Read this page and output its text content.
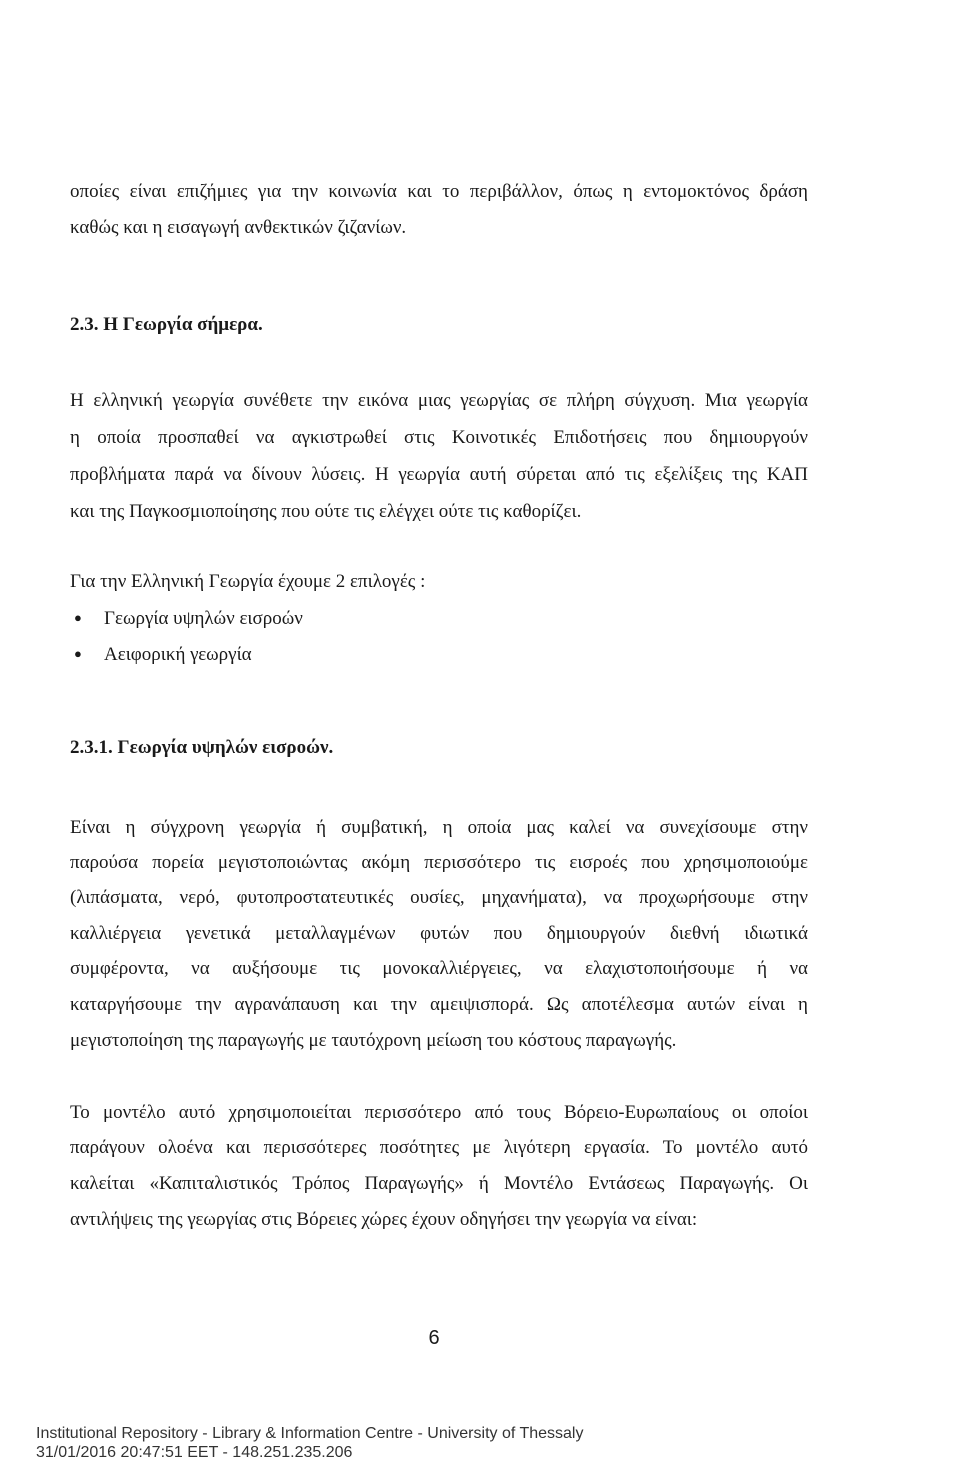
οποίες είναι επιζήμιες για την κοινωνία και το περιβάλλον, όπως η εντομοκτόνος δράση
καθώς και η εισαγωγή ανθεκτικών ζιζανίων.
2.3. Η Γεωργία σήμερα.
Η ελληνική γεωργία συνέθετε την εικόνα μιας γεωργίας σε πλήρη σύγχυση. Μια γεωργία
η οποία προσπαθεί να αγκιστρωθεί στις Κοινοτικές Επιδοτήσεις που δημιουργούν
προβλήματα παρά να δίνουν λύσεις. Η γεωργία αυτή σύρεται από τις εξελίξεις της ΚΑΠ
και της Παγκοσμιοποίησης που ούτε τις ελέγχει ούτε τις καθορίζει.
Για την Ελληνική Γεωργία έχουμε 2 επιλογές :
● Γεωργία υψηλών εισροών
● Αειφορική γεωργία
2.3.1. Γεωργία υψηλών εισροών.
Είναι η σύγχρονη γεωργία ή συμβατική, η οποία μας καλεί να συνεχίσουμε στην
παρούσα πορεία μεγιστοποιώντας ακόμη περισσότερο τις εισροές που χρησιμοποιούμε
(λιπάσματα, νερό, φυτοπροστατευτικές ουσίες, μηχανήματα), να προχωρήσουμε στην
καλλιέργεια γενετικά μεταλλαγμένων φυτών που δημιουργούν διεθνή ιδιωτικά
συμφέροντα, να αυξήσουμε τις μονοκαλλιέργειες, να ελαχιστοποιήσουμε ή να
καταργήσουμε την αγρανάπαυση και την αμειψισπορά. Ως αποτέλεσμα αυτών είναι η
μεγιστοποίηση της παραγωγής με ταυτόχρονη μείωση του κόστους παραγωγής.
Το μοντέλο αυτό χρησιμοποιείται περισσότερο από τους Βόρειο-Ευρωπαίους οι οποίοι
παράγουν ολοένα και περισσότερες ποσότητες με λιγότερη εργασία. Το μοντέλο αυτό
καλείται «Καπιταλιστικός Τρόπος Παραγωγής» ή Μοντέλο Εντάσεως Παραγωγής. Οι
αντιλήψεις της γεωργίας στις Βόρειες χώρες έχουν οδηγήσει την γεωργία να είναι:
6
Institutional Repository - Library & Information Centre - University of Thessaly
31/01/2016 20:47:51 EET - 148.251.235.206
